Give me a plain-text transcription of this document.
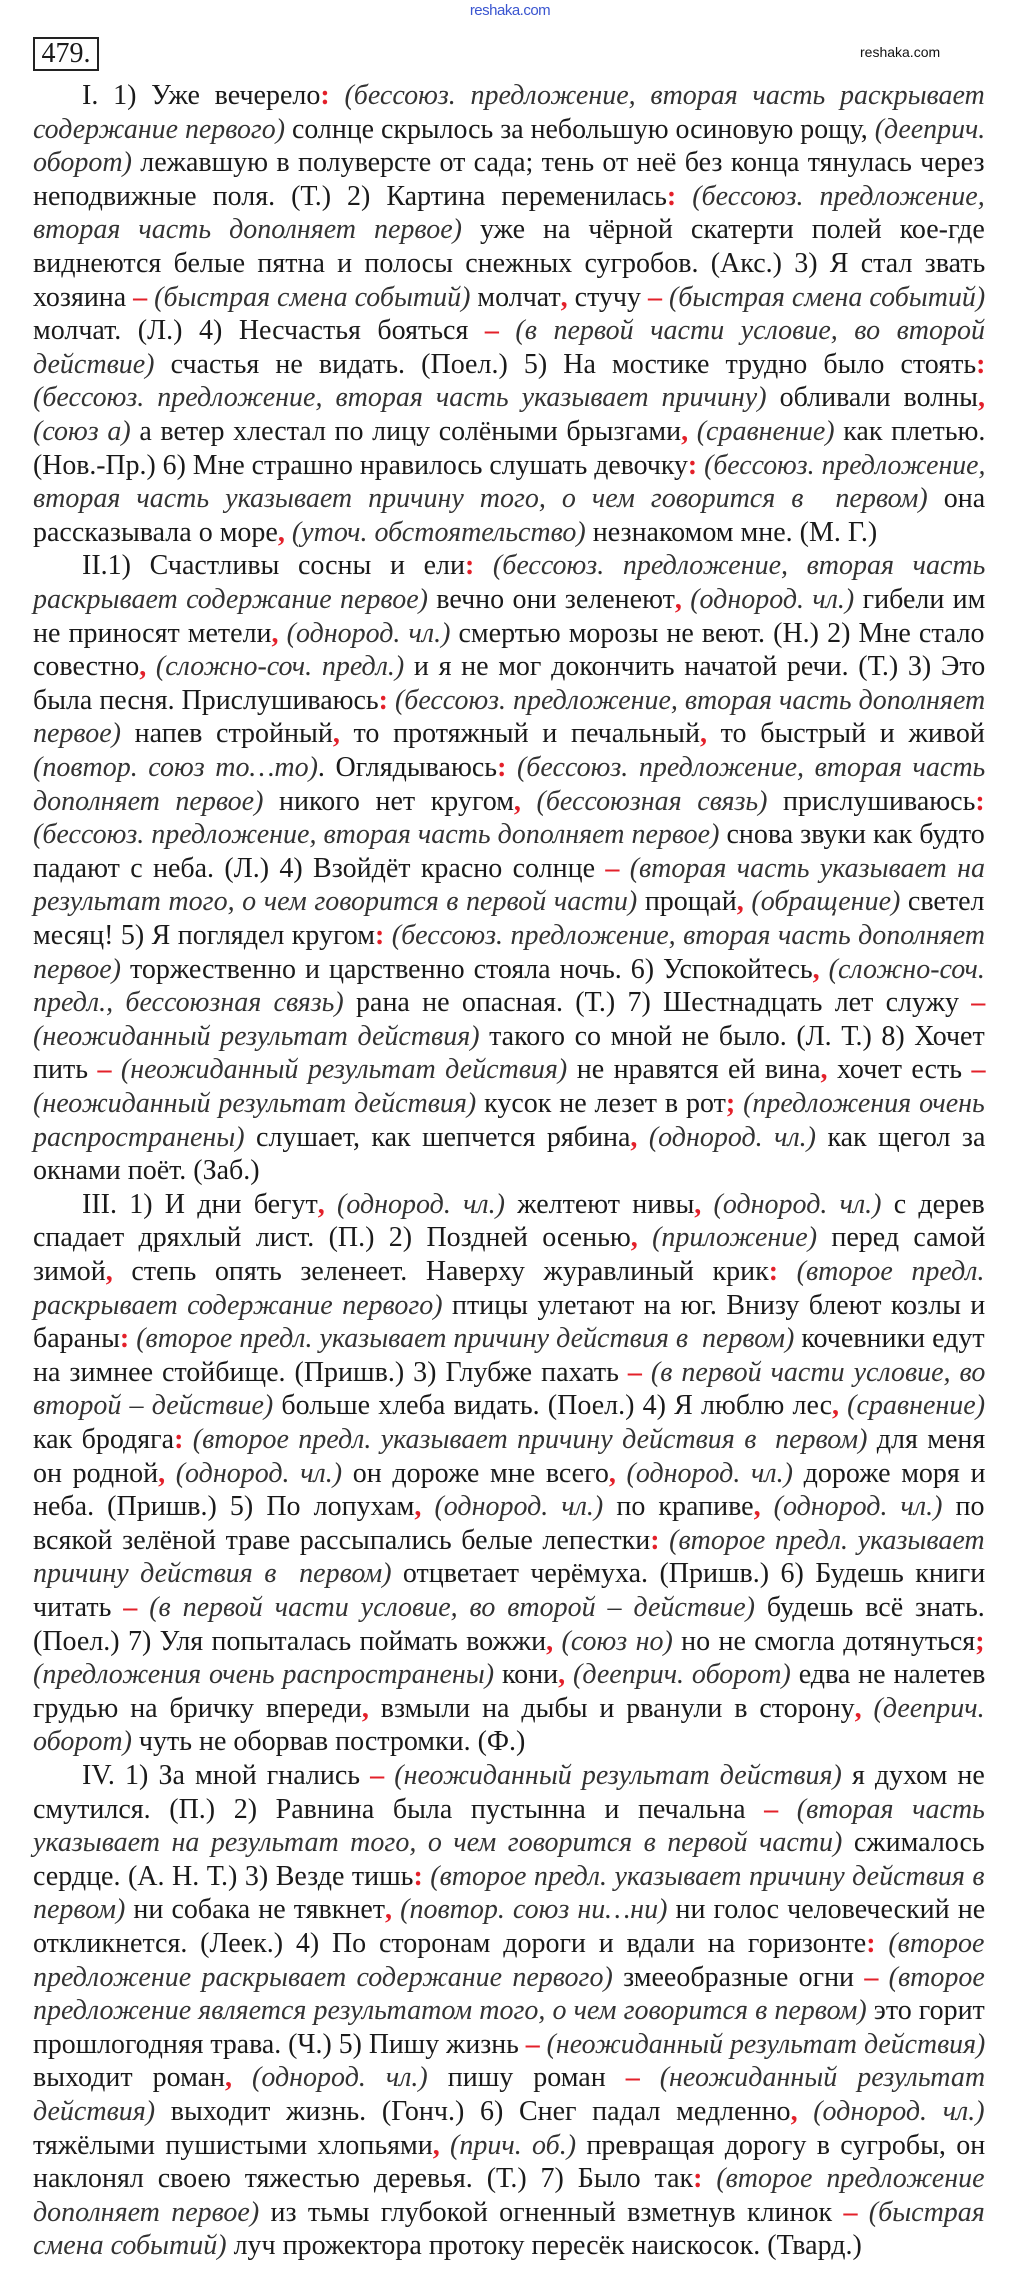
reshaka.com
479.	reshaka.com
I. 1) Уже вечерело: (бессоюз. предложение, вторая часть раскрывает
содержание первого) солнце скрылось за небольшую осиновую рощу, (дееприч.
оборот) лежавшую в полуверсте от сада; тень от неё без конца тянулась через
неподвижные поля. (Т.) 2) Картина переменилась: (бессоюз. предложение,
вторая часть дополняет первое) уже на чёрной скатерти полей кое-где
виднеются белые пятна и полосы снежных сугробов. (Акс.) 3) Я стал звать
хозяина – (быстрая смена событий) молчат, стучу – (быстрая смена событий)
молчат. (Л.) 4) Несчастья бояться – (в первой части условие, во второй
действие) счастья не видать. (Поел.) 5) На мостике трудно было стоять:
(бессоюз. предложение, вторая часть указывает причину) обливали волны,
(союз а) а ветер хлестал по лицу солёными брызгами, (сравнение) как плетью.
(Нов.-Пр.) 6) Мне страшно нравилось слушать девочку: (бессоюз. предложение,
вторая часть указывает причину того, о чем говорится в  первом) она
рассказывала о море, (уточ. обстоятельство) незнакомом мне. (М. Г.)
II.1) Счастливы сосны и ели: (бессоюз. предложение, вторая часть
раскрывает содержание первое) вечно они зеленеют, (однород. чл.) гибели им
не приносят метели, (однород. чл.) смертью морозы не веют. (Н.) 2) Мне стало
совестно, (сложно-соч. предл.) и я не мог докончить начатой речи. (Т.) 3) Это
была песня. Прислушиваюсь: (бессоюз. предложение, вторая часть дополняет
первое) напев стройный, то протяжный и печальный, то быстрый и живой
(повтор. союз то…то). Оглядываюсь: (бессоюз. предложение, вторая часть
дополняет первое) никого нет кругом, (бессоюзная связь) прислушиваюсь:
(бессоюз. предложение, вторая часть дополняет первое) снова звуки как будто
падают с неба. (Л.) 4) Взойдёт красно солнце – (вторая часть указывает на
результат того, о чем говорится в первой части) прощай, (обращение) светел
месяц! 5) Я поглядел кругом: (бессоюз. предложение, вторая часть дополняет
первое) торжественно и царственно стояла ночь. 6) Успокойтесь, (сложно-соч.
предл., бессоюзная связь) рана не опасная. (Т.) 7) Шестнадцать лет служу –
(неожиданный результат действия) такого со мной не было. (Л. Т.) 8) Хочет
пить – (неожиданный результат действия) не нравятся ей вина, хочет есть –
(неожиданный результат действия) кусок не лезет в рот; (предложения очень
распространены) слушает, как шепчется рябина, (однород. чл.) как щегол за
окнами поёт. (Заб.)
III. 1) И дни бегут, (однород. чл.) желтеют нивы, (однород. чл.) с дерев
спадает дряхлый лист. (П.) 2) Поздней осенью, (приложение) перед самой
зимой, степь опять зеленеет. Наверху журавлиный крик: (второе предл.
раскрывает содержание первого) птицы улетают на юг. Внизу блеют козлы и
бараны: (второе предл. указывает причину действия в  первом) кочевники едут
на зимнее стойбище. (Пришв.) 3) Глубже пахать – (в первой части условие, во
второй – действие) больше хлеба видать. (Поел.) 4) Я люблю лес, (сравнение)
как бродяга: (второе предл. указывает причину действия в  первом) для меня
он родной, (однород. чл.) он дороже мне всего, (однород. чл.) дороже моря и
неба. (Пришв.) 5) По лопухам, (однород. чл.) по крапиве, (однород. чл.) по
всякой зелёной траве рассыпались белые лепестки: (второе предл. указывает
причину действия в  первом) отцветает черёмуха. (Пришв.) 6) Будешь книги
читать – (в первой части условие, во второй – действие) будешь всё знать.
(Поел.) 7) Уля попыталась поймать вожжи, (союз но) но не смогла дотянуться;
(предложения очень распространены) кони, (дееприч. оборот) едва не налетев
грудью на бричку впереди, взмыли на дыбы и рванули в сторону, (дееприч.
оборот) чуть не оборвав постромки. (Ф.)
IV. 1) За мной гнались – (неожиданный результат действия) я духом не
смутился. (П.) 2) Равнина была пустынна и печальна – (вторая часть
указывает на результат того, о чем говорится в первой части) сжималось
сердце. (А. Н. Т.) 3) Везде тишь: (второе предл. указывает причину действия в
первом) ни собака не тявкнет, (повтор. союз ни…ни) ни голос человеческий не
откликнется. (Леек.) 4) По сторонам дороги и вдали на горизонте: (второе
предложение раскрывает содержание первого) змееобразные огни – (второе
предложение является результатом того, о чем говорится в первом) это горит
прошлогодняя трава. (Ч.) 5) Пишу жизнь – (неожиданный результат действия)
выходит роман, (однород. чл.) пишу роман – (неожиданный результат
действия) выходит жизнь. (Гонч.) 6) Снег падал медленно, (однород. чл.)
тяжёлыми пушистыми хлопьями, (прич. об.) превращая дорогу в сугробы, он
наклонял своею тяжестью деревья. (Т.) 7) Было так: (второе предложение
дополняет первое) из тьмы глубокой огненный взметнув клинок – (быстрая
смена событий) луч прожектора протоку пересёк наискосок. (Твард.)
